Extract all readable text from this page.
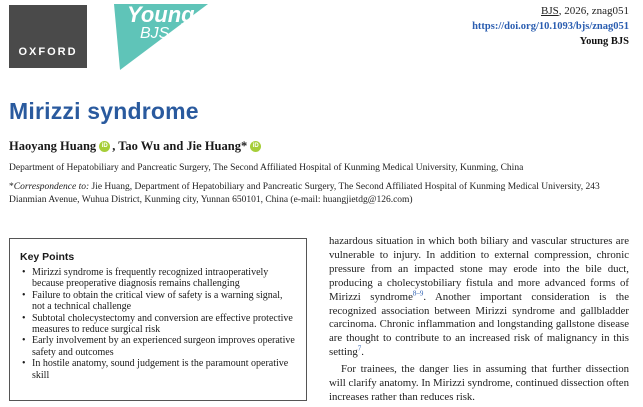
OXFORD
Young
BJS
BJS, 2026, znag051
https://doi.org/10.1093/bjs/znag051
Young BJS
Mirizzi syndrome
Haoyang Huang iD , Tao Wu and Jie Huang * iD
Department of Hepatobiliary and Pancreatic Surgery, The Second Affiliated Hospital of Kunming Medical University, Kunming, China
*Correspondence to: Jie Huang, Department of Hepatobiliary and Pancreatic Surgery, The Second Affiliated Hospital of Kunming Medical University, 243 Dianmian Avenue, Wuhua District, Kunming city, Yunnan 650101, China (e-mail: huangjietdg@126.com)
Key Points
• Mirizzi syndrome is frequently recognized intraoperatively because preoperative diagnosis remains challenging
• Failure to obtain the critical view of safety is a warning signal, not a technical challenge
• Subtotal cholecystectomy and conversion are effective protective measures to reduce surgical risk
• Early involvement by an experienced surgeon improves operative safety and outcomes
• In hostile anatomy, sound judgement is the paramount operative skill

hazardous situation in which both biliary and vascular structures are vulnerable to injury. In addition to external compression, chronic pressure from an impacted stone may erode into the bile duct, producing a cholecystobiliary fistula and more advanced forms of Mirizzi syndrome$^{8-9}$. Another important consideration is the recognized association between Mirizzi syndrome and gallbladder carcinoma. Chronic inflammation and longstanding gallstone disease are thought to contribute to an increased risk of malignancy in this setting$^7$.

For trainees, the danger lies in assuming that further dissection will clarify anatomy. In Mirizzi syndrome, continued dissection often increases rather than reduces risk.
